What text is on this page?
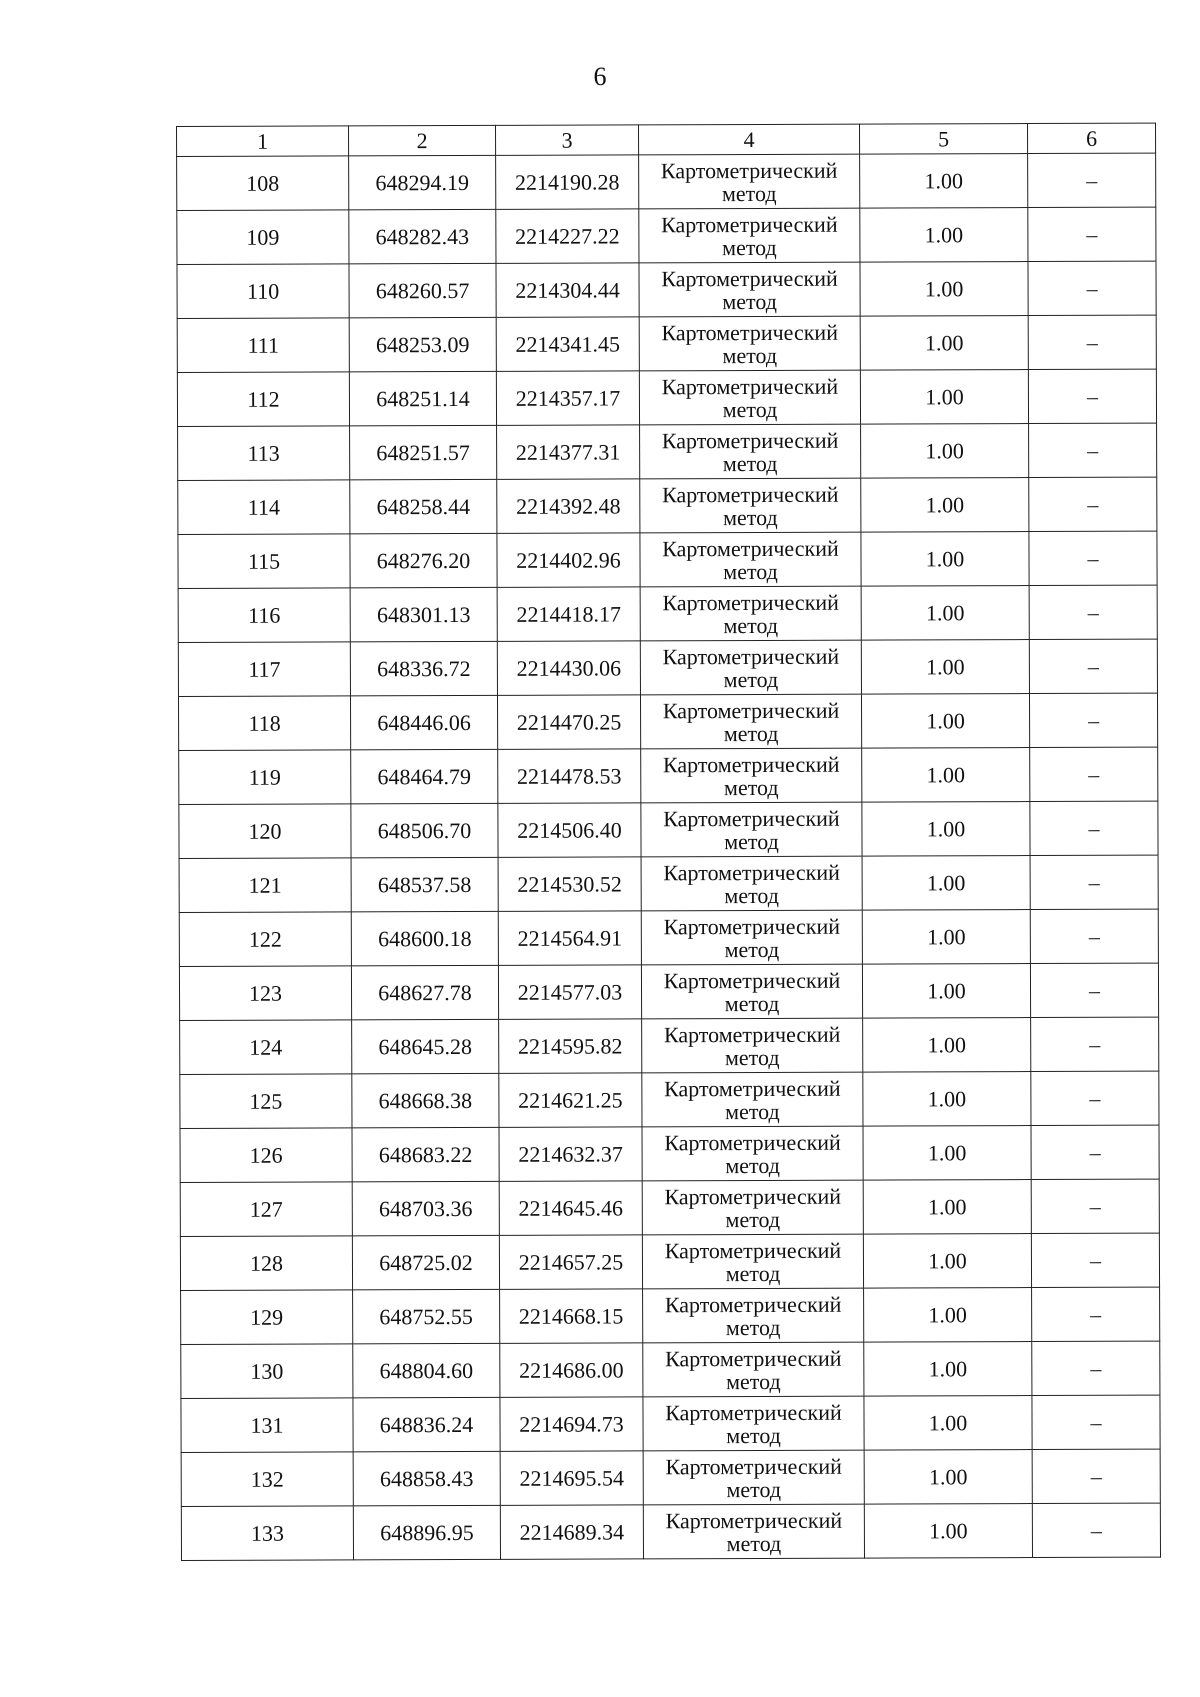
6
1	2	3	4	5	6
108	648294.19	2214190.28	Картометрический метод	1.00	–
109	648282.43	2214227.22	Картометрический метод	1.00	–
110	648260.57	2214304.44	Картометрический метод	1.00	–
111	648253.09	2214341.45	Картометрический метод	1.00	–
112	648251.14	2214357.17	Картометрический метод	1.00	–
113	648251.57	2214377.31	Картометрический метод	1.00	–
114	648258.44	2214392.48	Картометрический метод	1.00	–
115	648276.20	2214402.96	Картометрический метод	1.00	–
116	648301.13	2214418.17	Картометрический метод	1.00	–
117	648336.72	2214430.06	Картометрический метод	1.00	–
118	648446.06	2214470.25	Картометрический метод	1.00	–
119	648464.79	2214478.53	Картометрический метод	1.00	–
120	648506.70	2214506.40	Картометрический метод	1.00	–
121	648537.58	2214530.52	Картометрический метод	1.00	–
122	648600.18	2214564.91	Картометрический метод	1.00	–
123	648627.78	2214577.03	Картометрический метод	1.00	–
124	648645.28	2214595.82	Картометрический метод	1.00	–
125	648668.38	2214621.25	Картометрический метод	1.00	–
126	648683.22	2214632.37	Картометрический метод	1.00	–
127	648703.36	2214645.46	Картометрический метод	1.00	–
128	648725.02	2214657.25	Картометрический метод	1.00	–
129	648752.55	2214668.15	Картометрический метод	1.00	–
130	648804.60	2214686.00	Картометрический метод	1.00	–
131	648836.24	2214694.73	Картометрический метод	1.00	–
132	648858.43	2214695.54	Картометрический метод	1.00	–
133	648896.95	2214689.34	Картометрический метод	1.00	–
